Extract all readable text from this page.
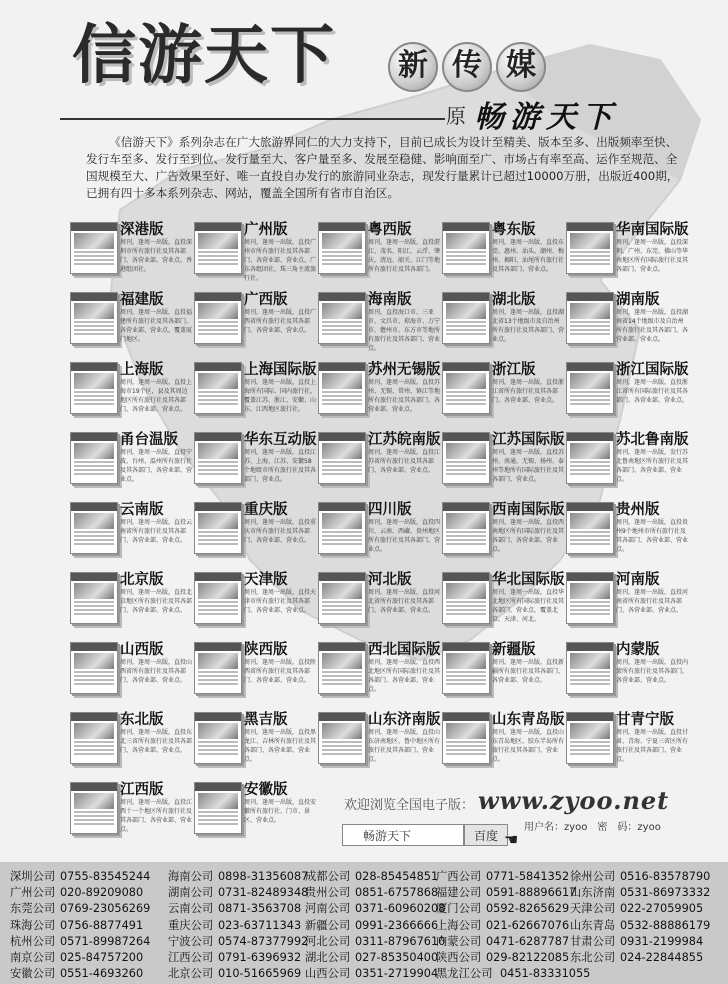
信游天下	新 传 媒
原 畅游天下
《信游天下》系列杂志在广大旅游界同仁的大力支持下，目前已成长为设计至精美、版本至多、出版频率至快、发行车至多、发行至到位、发行量至大、客户量至多、发展至稳健、影响面至广、市场占有率至高、运作至规范、全国规模至大、广告效果至好、唯一直投自办发行的旅游同业杂志，现发行量累计已超过10000万册，出版近400期，已拥有四十多本系列杂志、网站，覆盖全国所有省市自治区。
深港版
周刊，逢周一出版，直投深圳市所有旅行社及其各部门、各营业部、营业点，香港组团社。
广州版
周刊，逢周一出版，直投广州市所有旅行社及其各部门、各营业部、营业点，广东各组团社，珠三角主流旅行社。
粤西版
周刊，逢周一出版，直投湛江、茂名、阳江、云浮、肇庆、清远、韶关、江门等地所有旅行社及其各部门。
粤东版
周刊，逢周一出版，直投东莞、惠州、汕头、潮州、梅州、揭阳、汕尾所有旅行社及其各部门、营业点。
华南国际版
周刊，逢周一出版，直投深圳、广州、东莞、佛山等华南地区所有国际旅行社及其各部门、营业点。
福建版
周刊，逢周一出版，直投福建所有旅行社及其各部门、各营业部、营业点，覆盖厦门地区。
广西版
周刊，逢周一出版，直投广西省所有旅行社及其各部门、各营业部、营业点。
海南版
周刊，直投海口市、三亚市、文昌市、琼海市、万宁市、儋州市、东方市等地所有旅行社及其各部门、营业点。
湖北版
周刊，逢周一出版，直投湖北省13个地级市及自治州所有旅行社及其各部门、营业点。
湖南版
周刊，逢周一出版，直投湖南省14个地级市及自治州所有旅行社及其各部门、各营业部、营业点。
上海版
周刊，逢周一出版，直投上海市19个区，县及其周边地区所有旅行社及其各部门、各营业部、营业点。
上海国际版
周刊，逢周一出版，直投上海所有国际、国内旅行社，覆盖江苏、浙江、安徽、山东、江西地区旅行社。
苏州无锡版
周刊，逢周一出版，直投苏州、无锡、常州、镇江等地所有旅行社及其各部门、各营业部、营业点。
浙江版
周刊，逢周一出版，直投浙江省所有旅行社及其各部门、各营业部、营业点。
浙江国际版
周刊，逢周一出版，直投浙江省所有国际旅行社及其各部门、各营业部、营业点。
甬台温版
周刊，逢周一出版，直投宁波、台州、温州所有旅行社及其各部门、各营业部、营业点。
华东互动版
周刊，逢周一出版，直投江苏、上海、江苏、安徽58个地级市所有旅行社及其各部门、营业点。
江苏皖南版
周刊，逢周一出版，直投江苏省所有旅行社及其各部门、各营业部、营业点。
江苏国际版
周刊，逢周一出版，直投苏州、南通、无锡、扬州、泰州等地所有国际旅行社及其各部门、营业点。
苏北鲁南版
周刊，逢周一出版，发行苏北鲁南地区所有旅行社及其各部门、各营业部、营业点。
云南版
周刊，逢周一出版，直投云南省所有旅行社及其各部门、各营业部、营业点。
重庆版
周刊，逢周一出版，直投重庆市所有旅行社及其各部门、各营业部、营业点。
四川版
周刊，逢周一出版，直投四川、云南、西藏、贵州地区所有旅行社及其各部门、营业点。
西南国际版
周刊，逢周一出版，直投西南地区所有国际旅行社及其各部门、各营业部、营业点。
贵州版
周刊，逢周一出版，直投贵州9个地州市所有旅行社及其各部门、各营业部、营业点。
北京版
周刊，逢周一出版，直投北京地区所有旅行社及其各部门、各营业部、营业点。
天津版
周刊，逢周一出版，直投天津市所有旅行社及其各部门、各营业部、营业点。
河北版
周刊，逢周一出版，直投河北省所有旅行社及其各部门、各营业部、营业点。
华北国际版
周刊，逢周一出版，直投华北地区所有国际旅行社及其各部门、营业点，覆盖北京、天津、河北。
河南版
周刊，逢周一出版，直投河南省所有旅行社及其各部门、各营业部、营业点。
山西版
周刊，逢周一出版，直投山西省所有旅行社及其各部门、各营业部、营业点。
陕西版
周刊，逢周一出版，直投陕西省所有旅行社及其各部门、各营业部、营业点。
西北国际版
周刊，逢周一出版，直投西北地区所有国际旅行社及其各部门、各营业部、营业点。
新疆版
周刊，逢周一出版，直投新疆所有旅行社及其各部门、各营业部、营业点。
内蒙版
周刊，逢周一出版，直投内蒙所有旅行社及其各部门、各营业部、营业点。
东北版
周刊，逢周一出版，直投东北三省所有旅行社及其各部门、各营业部、营业点。
黑吉版
周刊，逢周一出版，直投黑龙江、吉林所有旅行社及其各部门、各营业部、营业点。
山东济南版
周刊，逢周一出版，直投山东济南地区、鲁中地区所有旅行社及其各部门、营业点。
山东青岛版
周刊，逢周一出版，直投山东青岛地区、胶东半岛所有旅行社及其各部门、营业点。
甘青宁版
周刊，逢周一出版，直投甘肃、青海、宁夏三省区所有旅行社及其各部门、营业点。
江西版
周刊，逢周一出版，直投江西十一个地区所有旅行社及其各部门、各营业部、营业点。
安徽版
周刊，逢周一出版，直投安徽所有旅行社、门市、景区、营业点。
欢迎浏览全国电子版： www.zyoo.net
用户名：zyoo　密　码：zyoo
畅游天下	百度 ☚
深圳公司 0755-83545244
广州公司 020-89209080
东莞公司 0769-23056269
珠海公司 0756-8877491
杭州公司 0571-89987264
南京公司 025-84757200
安徽公司 0551-4693260
海南公司 0898-31356087
湖南公司 0731-82489348
云南公司 0871-3563708
重庆公司 023-63711343
宁波公司 0574-87377992
江西公司 0791-6396932
北京公司 010-51665969
成都公司 028-85454851
贵州公司 0851-6757868
河南公司 0371-60960208
新疆公司 0991-2366666
河北公司 0311-87967610
湖北公司 027-85350400
山西公司 0351-2719904
广西公司 0771-5841352
福建公司 0591-88896617
厦门公司 0592-8265629
上海公司 021-62667076
内蒙公司 0471-6287787
陕西公司 029-82122085
黑龙江公司 0451-83331055
徐州公司 0516-83578790
山东济南 0531-86973332
天津公司 022-27059905
山东青岛 0532-88886179
甘肃公司 0931-2199984
东北公司 024-22844855
